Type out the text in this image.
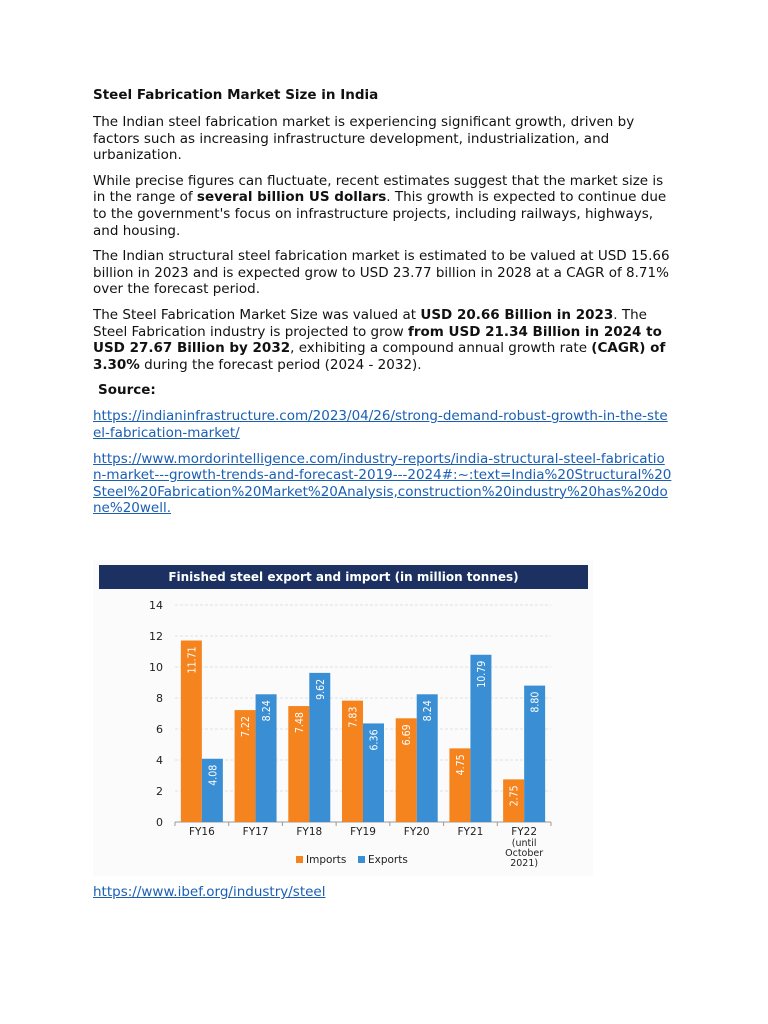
Steel Fabrication Market Size in India

The Indian steel fabrication market is experiencing significant growth, driven by factors such as increasing infrastructure development, industrialization, and urbanization.

While precise figures can fluctuate, recent estimates suggest that the market size is in the range of several billion US dollars. This growth is expected to continue due to the government's focus on infrastructure projects, including railways, highways, and housing.

The Indian structural steel fabrication market is estimated to be valued at USD 15.66 billion in 2023 and is expected grow to USD 23.77 billion in 2028 at a CAGR of 8.71% over the forecast period.

The Steel Fabrication Market Size was valued at USD 20.66 Billion in 2023. The Steel Fabrication industry is projected to grow from USD 21.34 Billion in 2024 to USD 27.67 Billion by 2032, exhibiting a compound annual growth rate (CAGR) of 3.30% during the forecast period (2024 - 2032).

Source:
https://indianinfrastructure.com/2023/04/26/strong-demand-robust-growth-in-the-steel-fabrication-market/
https://www.mordorintelligence.com/industry-reports/india-structural-steel-fabrication-market---growth-trends-and-forecast-2019---2024#:~:text=India%20Structural%20Steel%20Fabrication%20Market%20Analysis,construction%20industry%20has%20done%20well.
Finished steel export and import (in million tonnes)
0
2
4
6
8
10
12
14
11.71
4.08
FY16
7.22
8.24
FY17
7.48
9.62
FY18
7.83
6.36
FY19
6.69
8.24
FY20
4.75
10.79
FY21
2.75
8.80
FY22
(until
October
2021)
Imports Exports
https://www.ibef.org/industry/steel
